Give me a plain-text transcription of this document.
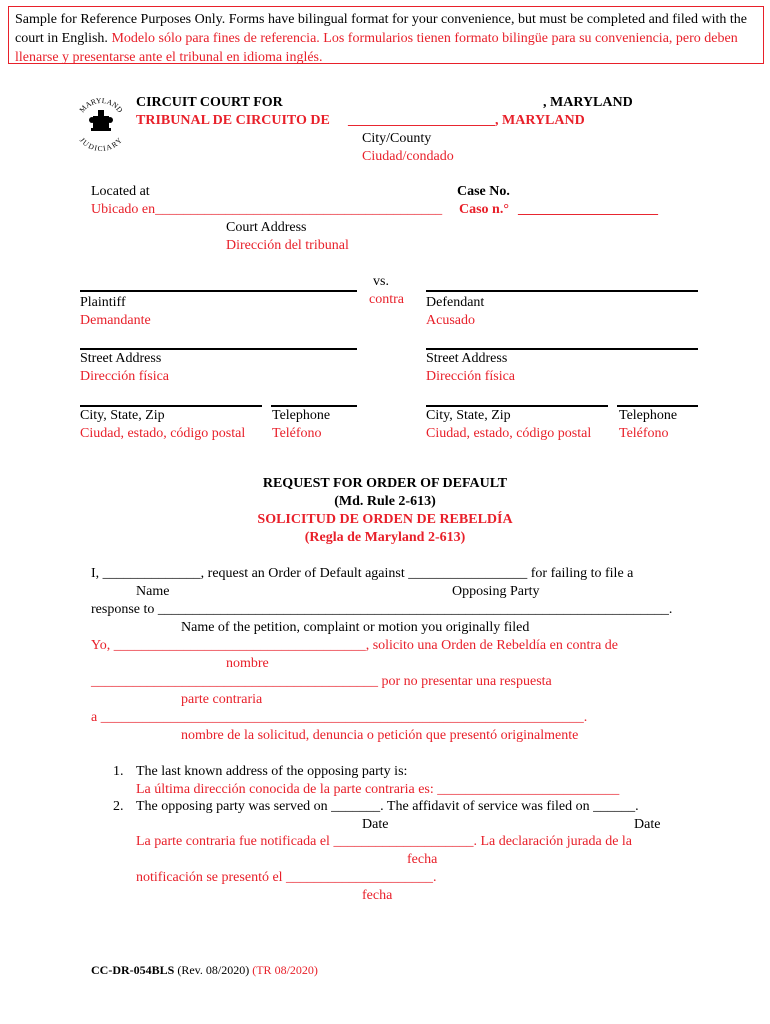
Sample for Reference Purposes Only. Forms have bilingual format for your convenience, but must be completed and filed with the court in English. Modelo sólo para fines de referencia. Los formularios tienen formato bilingüe para su conveniencia, pero deben llenarse y presentarse ante el tribunal en idioma inglés.
MARYLAND
JUDICIARY
CIRCUIT COURT FOR
TRIBUNAL DE CIRCUITO DE
, MARYLAND
_____________________, MARYLAND
City/County
Ciudad/condado
Located at
Ubicado en_________________________________________
Court Address
Dirección del tribunal
Case No.
Caso n.° ____________________
vs.
contra
Plaintiff
Demandante
Defendant
Acusado
Street Address
Dirección física
Street Address
Dirección física
City, State, Zip
Ciudad, estado, código postal
Telephone
Teléfono
City, State, Zip
Ciudad, estado, código postal
Telephone
Teléfono
REQUEST FOR ORDER OF DEFAULT
(Md. Rule 2-613)
SOLICITUD DE ORDEN DE REBELDÍA
(Regla de Maryland 2-613)
I, ______________, request an Order of Default against _________________ for failing to file a
Name	Opposing Party
response to _________________________________________________________________________.
Name of the petition, complaint or motion you originally filed
Yo, ____________________________________, solicito una Orden de Rebeldía en contra de
nombre
_________________________________________ por no presentar una respuesta
parte contraria
a _____________________________________________________________________.
nombre de la solicitud, denuncia o petición que presentó originalmente
1. The last known address of the opposing party is:
La última dirección conocida de la parte contraria es: __________________________
2. The opposing party was served on _______. The affidavit of service was filed on ______.
Date	Date
La parte contraria fue notificada el ____________________. La declaración jurada de la
fecha
notificación se presentó el _____________________.
fecha
CC-DR-054BLS (Rev. 08/2020) (TR 08/2020)
